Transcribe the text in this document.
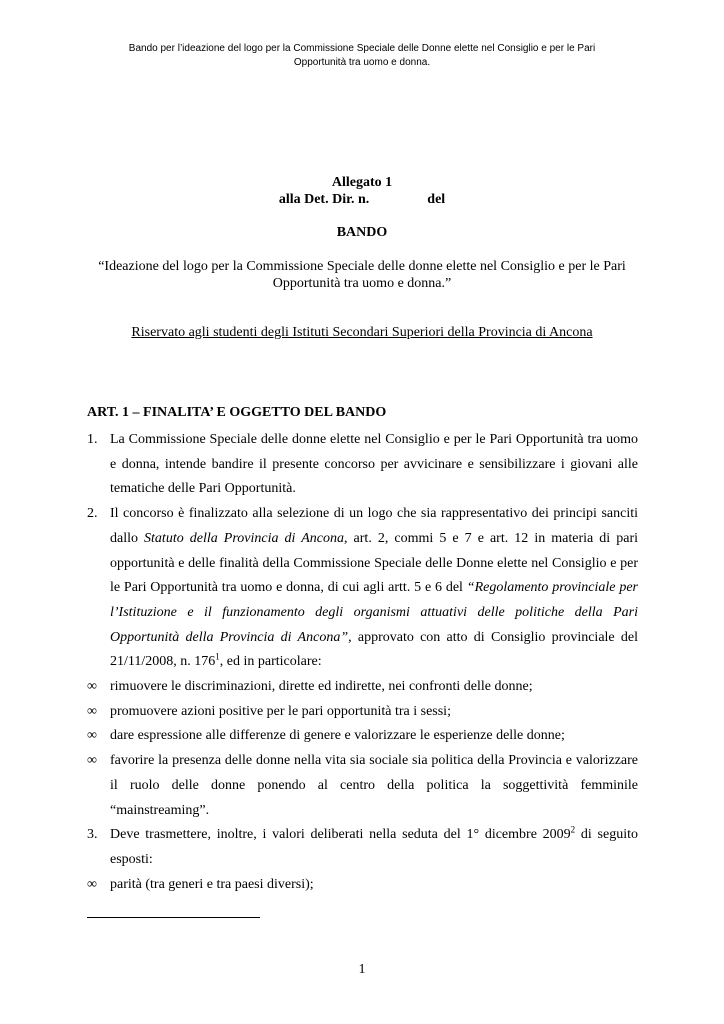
Bando per l’ideazione del logo per la Commissione Speciale delle Donne elette nel Consiglio e per le Pari
Opportunità tra uomo e donna.
Allegato 1
alla Det. Dir. n.	del
BANDO
“Ideazione del logo per la Commissione Speciale delle donne elette nel Consiglio e per le Pari Opportunità tra uomo e donna.”
Riservato agli studenti degli Istituti Secondari Superiori della Provincia di Ancona
ART. 1 – FINALITA’ E OGGETTO DEL BANDO
1. La Commissione Speciale delle donne elette nel Consiglio e per le Pari Opportunità tra uomo e donna, intende bandire il presente concorso per avvicinare e sensibilizzare i giovani alle tematiche delle Pari Opportunità.
2. Il concorso è finalizzato alla selezione di un logo che sia rappresentativo dei principi sanciti dallo Statuto della Provincia di Ancona, art. 2, commi 5 e 7 e art. 12 in materia di pari opportunità e delle finalità della Commissione Speciale delle Donne elette nel Consiglio e per le Pari Opportunità tra uomo e donna, di cui agli artt. 5 e 6 del “Regolamento provinciale per l’Istituzione e il funzionamento degli organismi attuativi delle politiche della Pari Opportunità della Provincia di Ancona”, approvato con atto di Consiglio provinciale del 21/11/2008, n. $176^1$, ed in particolare:
∞ rimuovere le discriminazioni, dirette ed indirette, nei confronti delle donne;
∞ promuovere azioni positive per le pari opportunità tra i sessi;
∞ dare espressione alle differenze di genere e valorizzare le esperienze delle donne;
∞ favorire la presenza delle donne nella vita sia sociale sia politica della Provincia e valorizzare il ruolo delle donne ponendo al centro della politica la soggettività femminile “mainstreaming”.
3. Deve trasmettere, inoltre, i valori deliberati nella seduta del 1° dicembre 2009$^2$ di seguito esposti:
∞ parità (tra generi e tra paesi diversi);
1
